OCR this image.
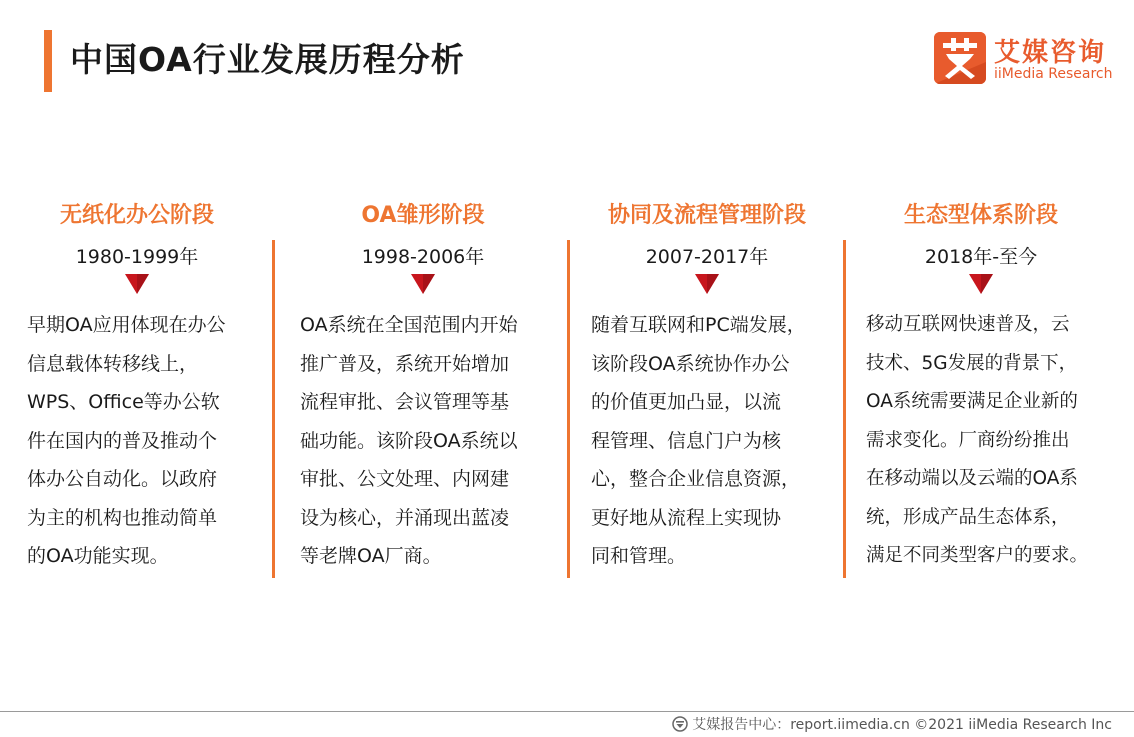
中国OA行业发展历程分析	艾媒咨询
iiMedia Research
无纸化办公阶段
1980-1999年
早期OA应用体现在办公
信息载体转移线上，
WPS、Office等办公软
件在国内的普及推动个
体办公自动化。以政府
为主的机构也推动简单
的OA功能实现。
OA雏形阶段
1998-2006年
OA系统在全国范围内开始
推广普及，系统开始增加
流程审批、会议管理等基
础功能。该阶段OA系统以
审批、公文处理、内网建
设为核心，并涌现出蓝凌
等老牌OA厂商。
协同及流程管理阶段
2007-2017年
随着互联网和PC端发展，
该阶段OA系统协作办公
的价值更加凸显，以流
程管理、信息门户为核
心，整合企业信息资源，
更好地从流程上实现协
同和管理。
生态型体系阶段
2018年-至今
移动互联网快速普及，云
技术、5G发展的背景下，
OA系统需要满足企业新的
需求变化。厂商纷纷推出
在移动端以及云端的OA系
统，形成产品生态体系，
满足不同类型客户的要求。
艾媒报告中心：report.iimedia.cn ©2021 iiMedia Research Inc
